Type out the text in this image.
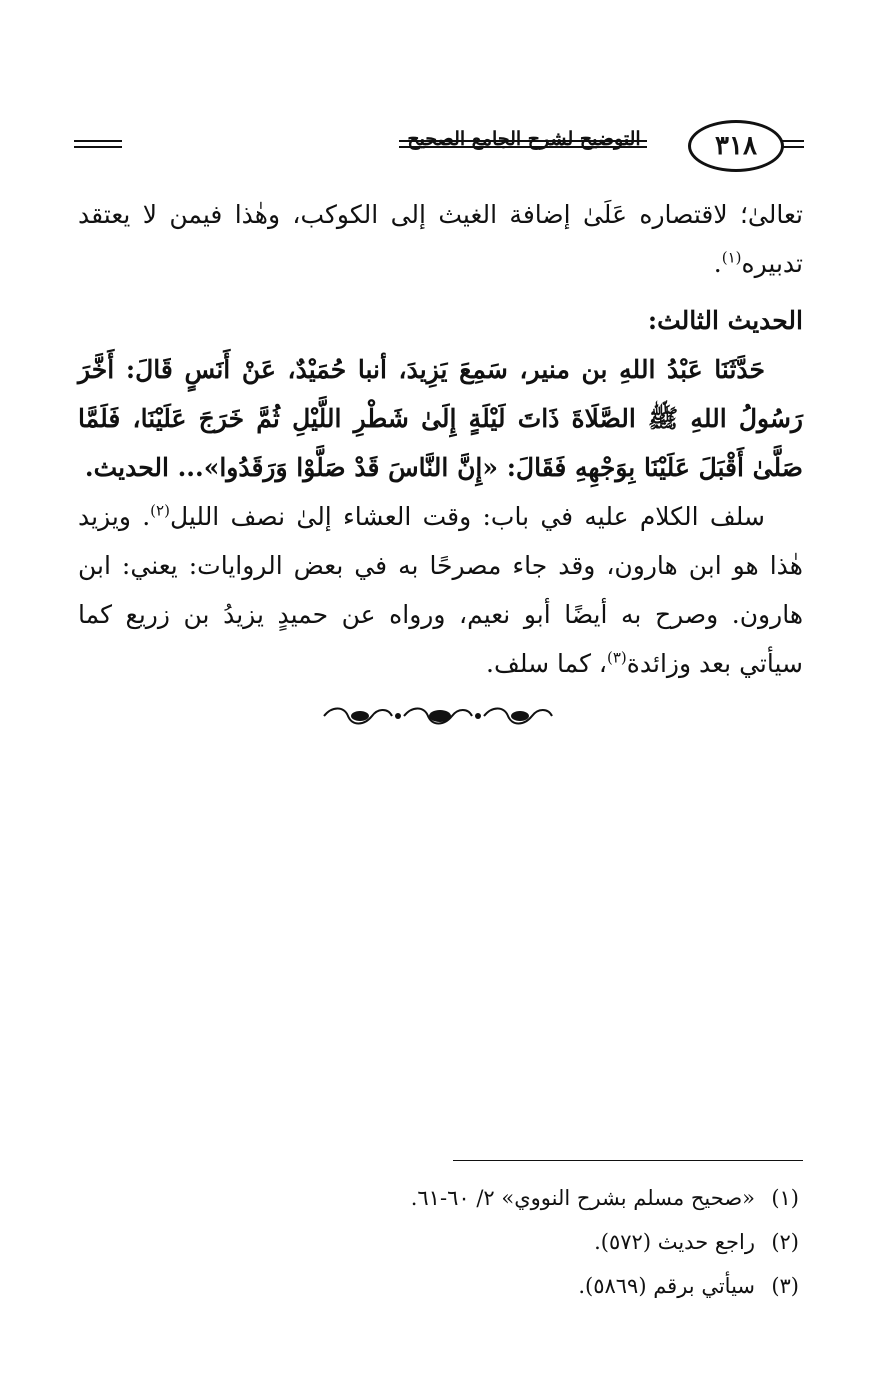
التوضيح لشرح الجامع الصحيح	٣١٨

تعالىٰ؛ لاقتصاره عَلَىٰ إضافة الغيث إلى الكوكب، وهٰذا فيمن لا يعتقد تدبيره$^{(١)}$.

الحديث الثالث:

حَدَّثَنَا عَبْدُ اللهِ بن منير، سَمِعَ يَزِيدَ، أنبا حُمَيْدٌ، عَنْ أَنَسٍ قَالَ: أَخَّرَ رَسُولُ اللهِ ﷺ الصَّلَاةَ ذَاتَ لَيْلَةٍ إِلَىٰ شَطْرِ اللَّيْلِ ثُمَّ خَرَجَ عَلَيْنَا، فَلَمَّا صَلَّىٰ أَقْبَلَ عَلَيْنَا بِوَجْهِهِ فَقَالَ: «إِنَّ النَّاسَ قَدْ صَلَّوْا وَرَقَدُوا»... الحديث.

سلف الكلام عليه في باب: وقت العشاء إلىٰ نصف الليل$^{(٢)}$. ويزيد هٰذا هو ابن هارون، وقد جاء مصرحًا به في بعض الروايات: يعني: ابن هارون. وصرح به أيضًا أبو نعيم، ورواه عن حميدٍ يزيدُ بن زريع كما سيأتي بعد وزائدة$^{(٣)}$، كما سلف.

(١)
«صحيح مسلم بشرح النووي» ٢/ ٦٠-٦١.
(٢)
راجع حديث (٥٧٢).
(٣)
سيأتي برقم (٥٨٦٩).
